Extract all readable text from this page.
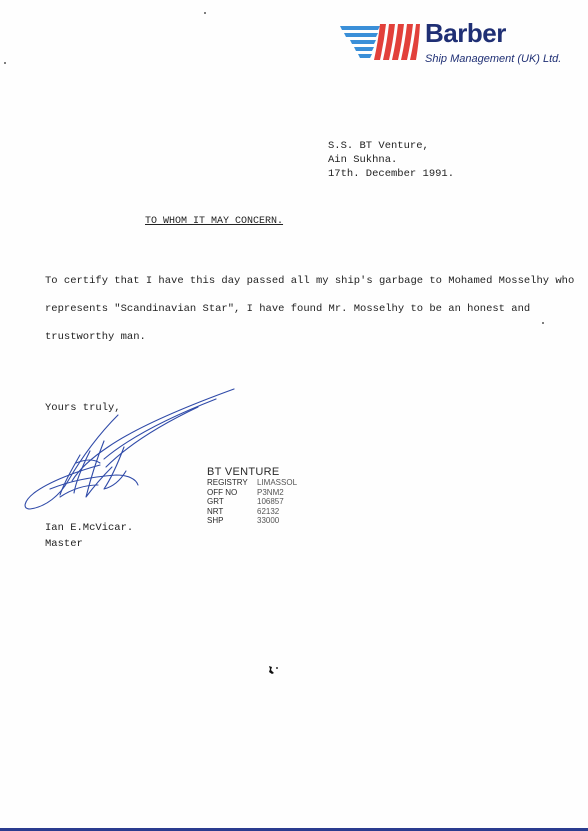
Barber
Ship Management (UK) Ltd.
S.S. BT Venture,
Ain Sukhna.
17th. December 1991.
TO WHOM IT MAY CONCERN.
To certify that I have this day passed all my ship's garbage to Mohamed Mosselhy who
represents "Scandinavian Star", I have found Mr. Mosselhy to be an honest and
trustworthy man.
Yours truly,
BT VENTURE
REGISTRY	LIMASSOL
OFF NO	P3NM2
GRT	106857
NRT	62132
SHP	33000
Ian E.McVicar.
Master
